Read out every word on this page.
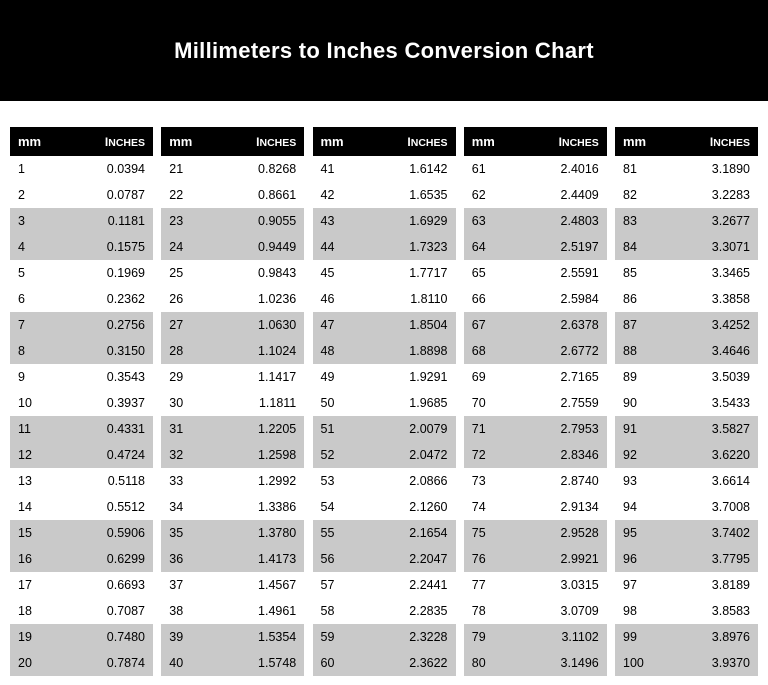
Millimeters to Inches Conversion Chart
mm	INCHES
1	0.0394
2	0.0787
3	0.1181
4	0.1575
5	0.1969
6	0.2362
7	0.2756
8	0.3150
9	0.3543
10	0.3937
11	0.4331
12	0.4724
13	0.5118
14	0.5512
15	0.5906
16	0.6299
17	0.6693
18	0.7087
19	0.7480
20	0.7874
mm	INCHES
21	0.8268
22	0.8661
23	0.9055
24	0.9449
25	0.9843
26	1.0236
27	1.0630
28	1.1024
29	1.1417
30	1.1811
31	1.2205
32	1.2598
33	1.2992
34	1.3386
35	1.3780
36	1.4173
37	1.4567
38	1.4961
39	1.5354
40	1.5748
mm	INCHES
41	1.6142
42	1.6535
43	1.6929
44	1.7323
45	1.7717
46	1.8110
47	1.8504
48	1.8898
49	1.9291
50	1.9685
51	2.0079
52	2.0472
53	2.0866
54	2.1260
55	2.1654
56	2.2047
57	2.2441
58	2.2835
59	2.3228
60	2.3622
mm	INCHES
61	2.4016
62	2.4409
63	2.4803
64	2.5197
65	2.5591
66	2.5984
67	2.6378
68	2.6772
69	2.7165
70	2.7559
71	2.7953
72	2.8346
73	2.8740
74	2.9134
75	2.9528
76	2.9921
77	3.0315
78	3.0709
79	3.1102
80	3.1496
mm	INCHES
81	3.1890
82	3.2283
83	3.2677
84	3.3071
85	3.3465
86	3.3858
87	3.4252
88	3.4646
89	3.5039
90	3.5433
91	3.5827
92	3.6220
93	3.6614
94	3.7008
95	3.7402
96	3.7795
97	3.8189
98	3.8583
99	3.8976
100	3.9370
